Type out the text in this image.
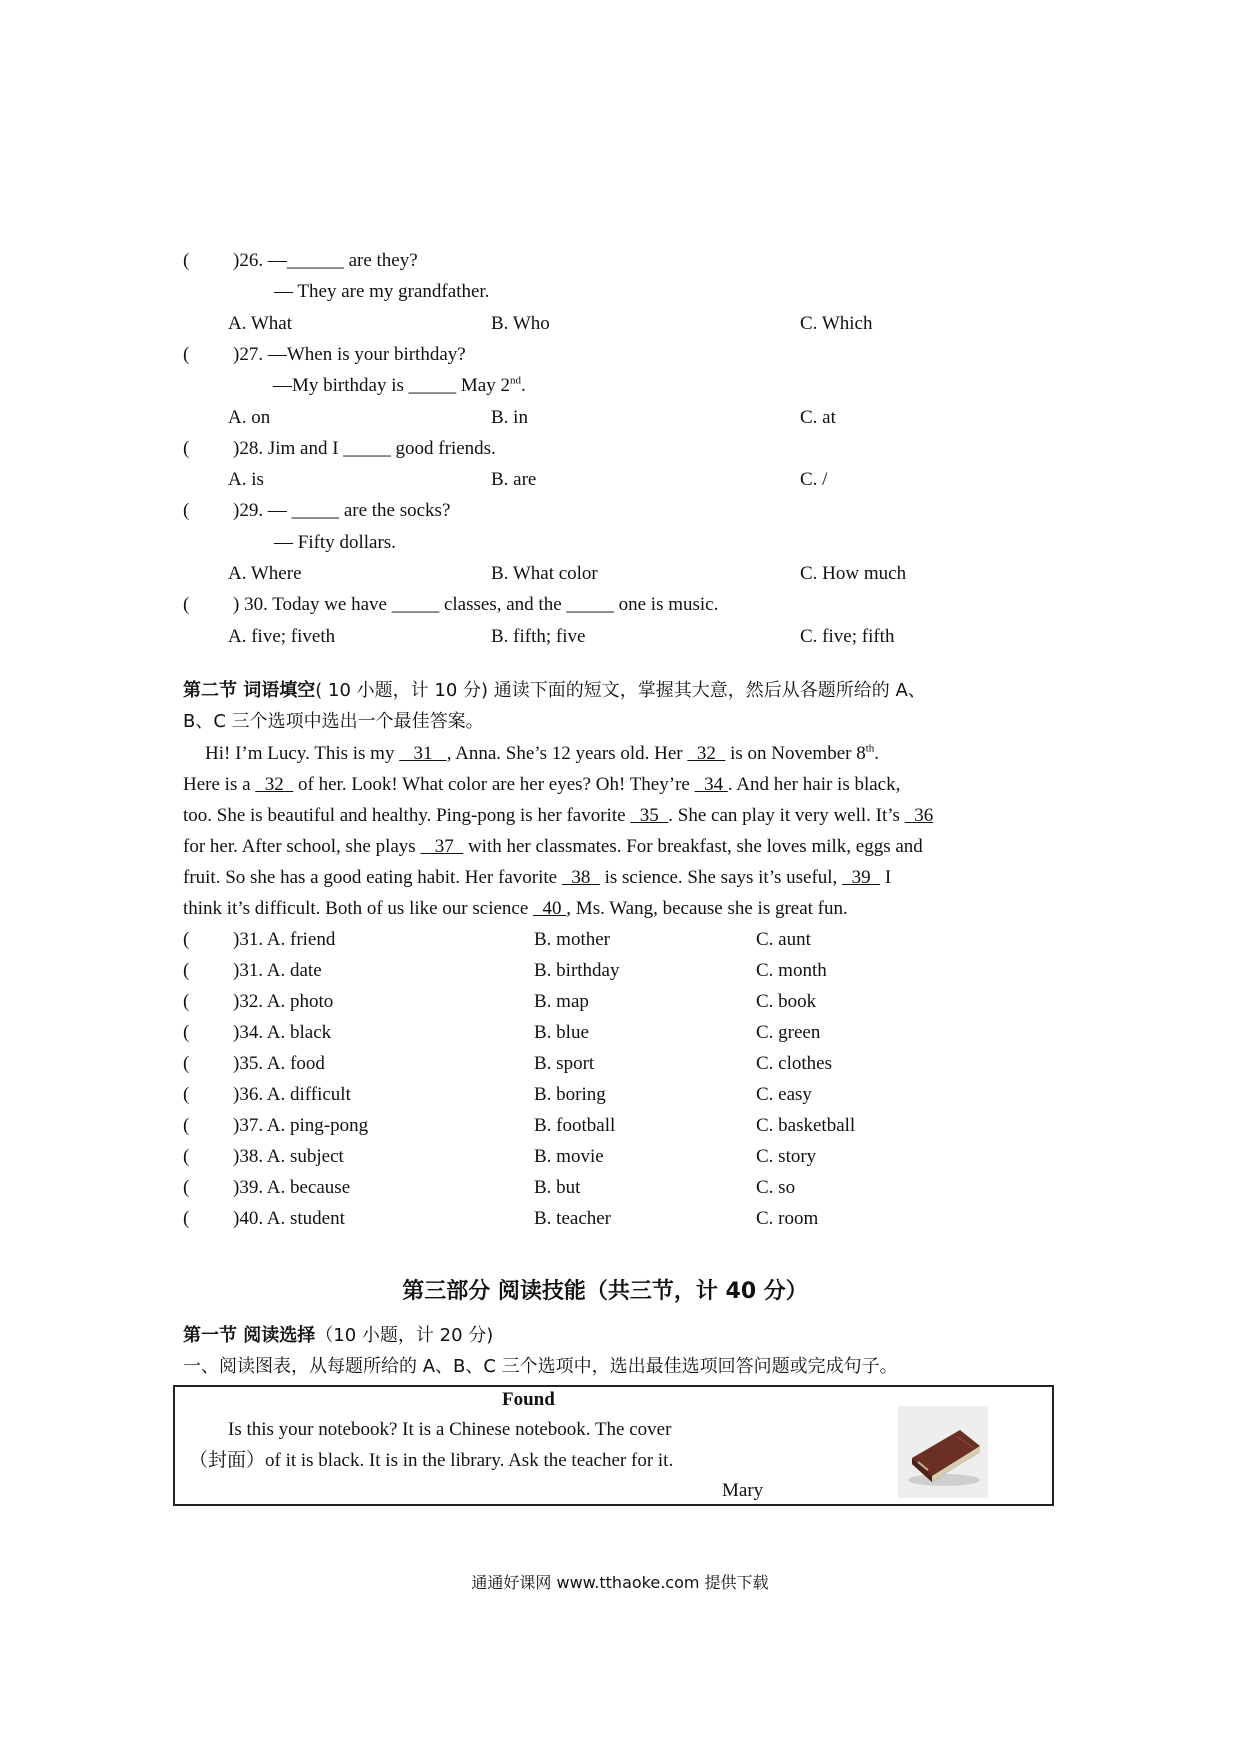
( )26. —______ are they?
— They are my grandfather.
A. What	B. Who	C. Which
( )27. —When is your birthday?
—My birthday is _____ May 2nd.
A. on	B. in	C. at
( )28. Jim and I _____ good friends.
A. is	B. are	C. /
( )29. — _____ are the socks?
— Fifty dollars.
A. Where	B. What color	C. How much
( ) 30. Today we have _____ classes, and the _____ one is music.
A. five; fiveth	B. fifth; five	C. five; fifth
第二节 词语填空( 10 小题，计 10 分) 通读下面的短文，掌握其大意，然后从各题所给的 A、
B、C 三个选项中选出一个最佳答案。
Hi! I’m Lucy. This is my    31   , Anna. She’s 12 years old. Her   32   is on November 8th.
Here is a   32   of her. Look! What color are her eyes? Oh! They’re   34 . And her hair is black,
too. She is beautiful and healthy. Ping-pong is her favorite   35  . She can play it very well. It’s   36
for her. After school, she plays    37   with her classmates. For breakfast, she loves milk, eggs and
fruit. So she has a good eating habit. Her favorite   38   is science. She says it’s useful,   39   I
think it’s difficult. Both of us like our science   40 , Ms. Wang, because she is great fun.
( )31. A. friend	B. mother	C. aunt
( )31. A. date	B. birthday	C. month
( )32. A. photo	B. map	C. book
( )34. A. black	B. blue	C. green
( )35. A. food	B. sport	C. clothes
( )36. A. difficult	B. boring	C. easy
( )37. A. ping-pong	B. football	C. basketball
( )38. A. subject	B. movie	C. story
( )39. A. because	B. but	C. so
( )40. A. student	B. teacher	C. room
第三部分 阅读技能（共三节，计 40 分）
第一节 阅读选择（10 小题，计 20 分)
一、阅读图表，从每题所给的 A、B、C 三个选项中，选出最佳选项回答问题或完成句子。
Found
Is this your notebook? It is a Chinese notebook. The cover
（封面）of it is black. It is in the library. Ask the teacher for it.
Mary
通通好课网 www.tthaoke.com 提供下载
